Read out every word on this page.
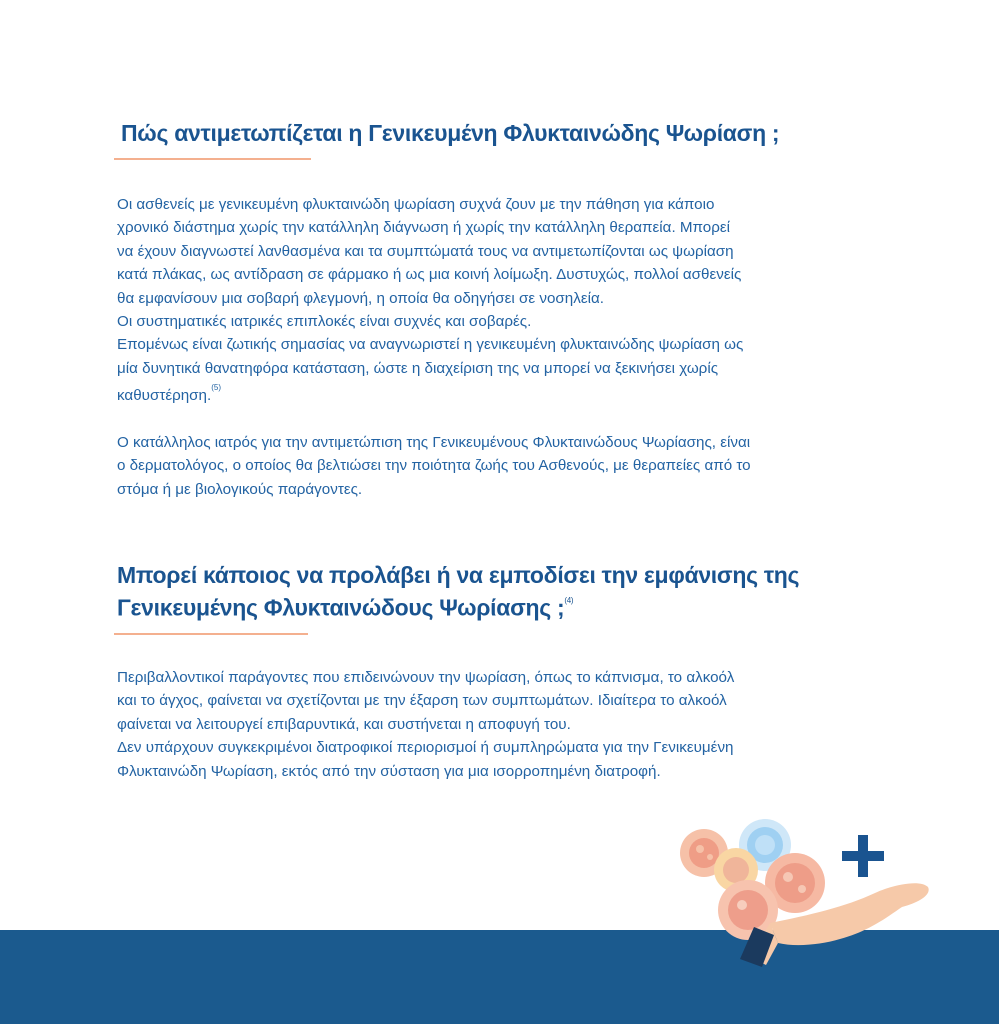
Πώς αντιμετωπίζεται η Γενικευμένη Φλυκταινώδης Ψωρίαση ;

Οι ασθενείς με γενικευμένη φλυκταινώδη ψωρίαση συχνά ζουν με την πάθηση για κάποιο
χρονικό διάστημα χωρίς την κατάλληλη διάγνωση ή χωρίς την κατάλληλη θεραπεία. Μπορεί
να έχουν διαγνωστεί λανθασμένα και τα συμπτώματά τους να αντιμετωπίζονται ως ψωρίαση
κατά πλάκας, ως αντίδραση σε φάρμακο ή ως μια κοινή λοίμωξη. Δυστυχώς, πολλοί ασθενείς
θα εμφανίσουν μια σοβαρή φλεγμονή, η οποία θα οδηγήσει σε νοσηλεία.
Οι συστηματικές ιατρικές επιπλοκές είναι συχνές και σοβαρές.
Επομένως είναι ζωτικής σημασίας να αναγνωριστεί η γενικευμένη φλυκταινώδης ψωρίαση ως
μία δυνητικά θανατηφόρα κατάσταση, ώστε η διαχείριση της να μπορεί να ξεκινήσει χωρίς
καθυστέρηση.$^{(5)}$

Ο κατάλληλος ιατρός για την αντιμετώπιση της Γενικευμένους Φλυκταινώδους Ψωρίασης, είναι
ο δερματολόγος, ο οποίος θα βελτιώσει την ποιότητα ζωής του Ασθενούς, με θεραπείες από το
στόμα ή με βιολογικούς παράγοντες.

Μπορεί κάποιος να προλάβει ή να εμποδίσει την εμφάνισης της
Γενικευμένης Φλυκταινώδους Ψωρίασης ;$^{(4)}$

Περιβαλλοντικοί παράγοντες που επιδεινώνουν την ψωρίαση, όπως το κάπνισμα, το αλκοόλ
και το άγχος, φαίνεται να σχετίζονται με την έξαρση των συμπτωμάτων. Ιδιαίτερα το αλκοόλ
φαίνεται να λειτουργεί επιβαρυντικά, και συστήνεται η αποφυγή του.
Δεν υπάρχουν συγκεκριμένοι διατροφικοί περιορισμοί ή συμπληρώματα για την Γενικευμένη
Φλυκταινώδη Ψωρίαση, εκτός από την σύσταση για μια ισορροπημένη διατροφή.
